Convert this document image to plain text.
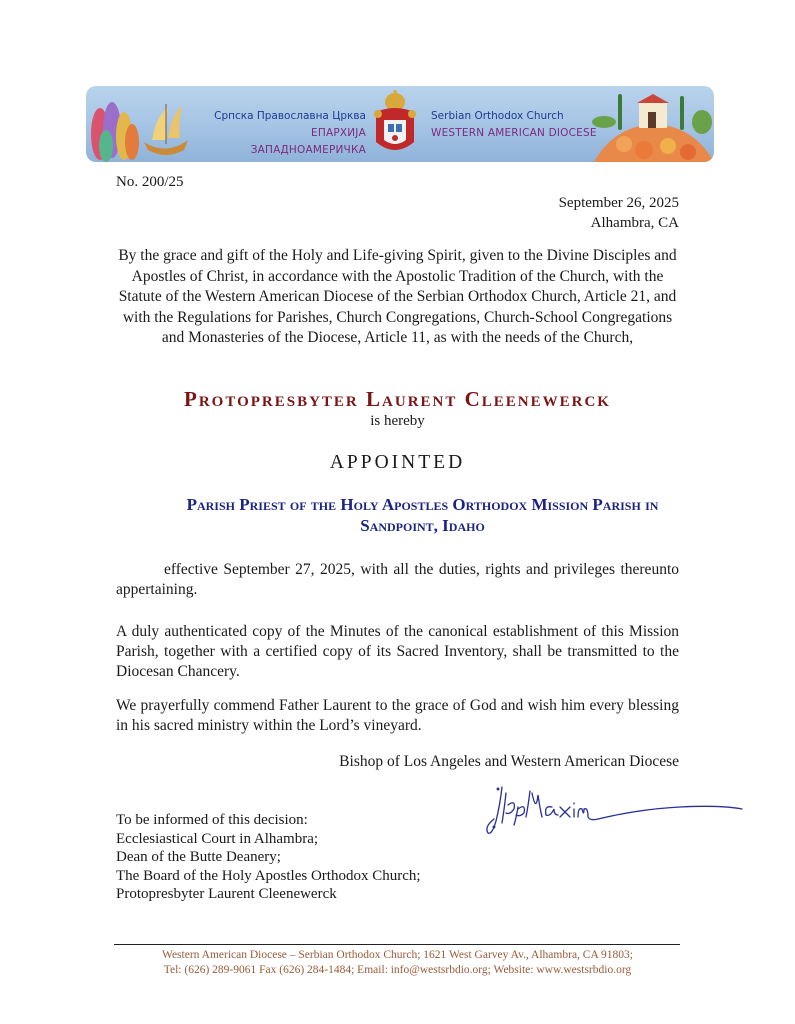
Српска Православна Црква
ЕПАРХИЈА ЗАПАДНОАМЕРИЧКА
Serbian Orthodox Church
WESTERN AMERICAN DIOCESE
No. 200/25
September 26, 2025
Alhambra, CA
By the grace and gift of the Holy and Life-giving Spirit, given to the Divine Disciples and Apostles of Christ, in accordance with the Apostolic Tradition of the Church, with the Statute of the Western American Diocese of the Serbian Orthodox Church, Article 21, and with the Regulations for Parishes, Church Congregations, Church-School Congregations and Monasteries of the Diocese, Article 11, as with the needs of the Church,
Protopresbyter Laurent Cleenewerck
is hereby
APPOINTED
Parish Priest of the Holy Apostles Orthodox Mission Parish in Sandpoint, Idaho
effective September 27, 2025, with all the duties, rights and privileges thereunto appertaining.
A duly authenticated copy of the Minutes of the canonical establishment of this Mission Parish, together with a certified copy of its Sacred Inventory, shall be transmitted to the Diocesan Chancery.
We prayerfully commend Father Laurent to the grace of God and wish him every blessing in his sacred ministry within the Lord’s vineyard.
Bishop of Los Angeles and Western American Diocese
To be informed of this decision:
Ecclesiastical Court in Alhambra;
Dean of the Butte Deanery;
The Board of the Holy Apostles Orthodox Church;
Protopresbyter Laurent Cleenewerck
Western American Diocese – Serbian Orthodox Church; 1621 West Garvey Av., Alhambra, CA 91803;
Tel: (626) 289-9061 Fax (626) 284-1484; Email: info@westsrbdio.org; Website: www.westsrbdio.org
